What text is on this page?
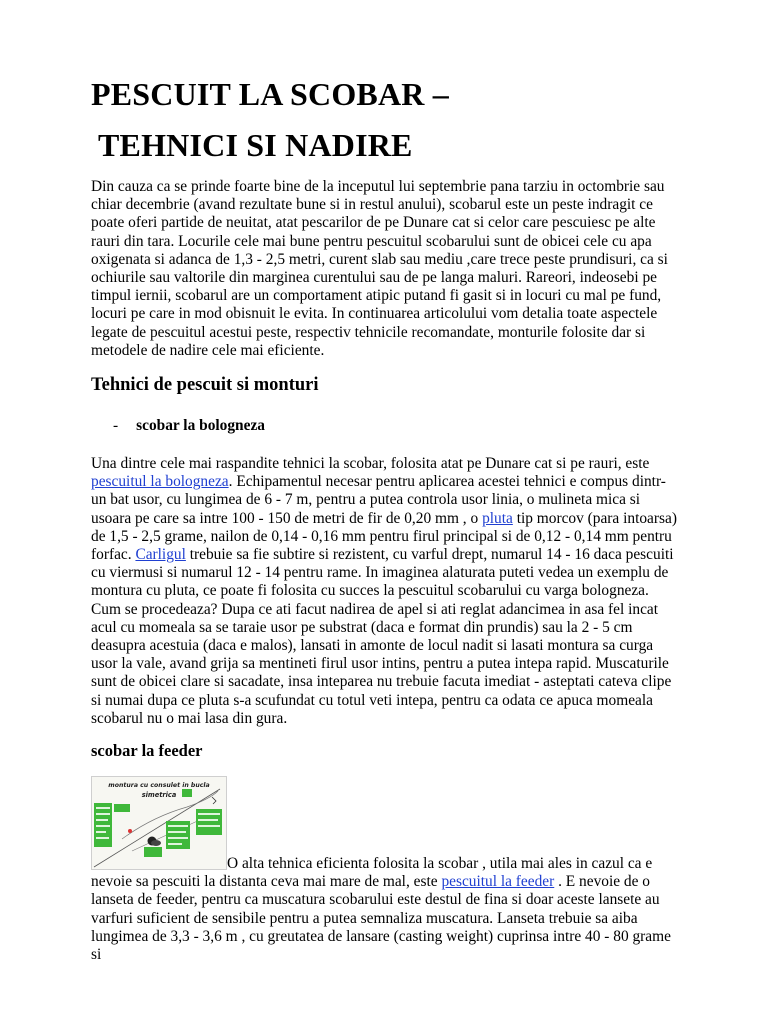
PESCUIT LA SCOBAR –
TEHNICI SI NADIRE

Din cauza ca se prinde foarte bine de la inceputul lui septembrie pana tarziu in octombrie sau chiar decembrie (avand rezultate bune si in restul anului), scobarul este un peste indragit ce poate oferi partide de neuitat, atat pescarilor de pe Dunare cat si celor care pescuiesc pe alte rauri din tara. Locurile cele mai bune pentru pescuitul scobarului sunt de obicei cele cu apa oxigenata si adanca de 1,3 - 2,5 metri, curent slab sau mediu ,care trece peste prundisuri, ca si ochiurile sau valtorile din marginea curentului sau de pe langa maluri. Rareori, indeosebi pe timpul iernii, scobarul are un comportament atipic putand fi gasit si in locuri cu mal pe fund, locuri pe care in mod obisnuit le evita. In continuarea articolului vom detalia toate aspectele legate de pescuitul acestui peste, respectiv tehnicile recomandate, monturile folosite dar si metodele de nadire cele mai eficiente.

Tehnici de pescuit si monturi
- scobar la bologneza

Una dintre cele mai raspandite tehnici la scobar, folosita atat pe Dunare cat si pe rauri, este pescuitul la bologneza. Echipamentul necesar pentru aplicarea acestei tehnici e compus dintr-un bat usor, cu lungimea de 6 - 7 m, pentru a putea controla usor linia, o mulineta mica si usoara pe care sa intre 100 - 150 de metri de fir de 0,20 mm , o pluta tip morcov (para intoarsa) de 1,5 - 2,5 grame, nailon de 0,14 - 0,16 mm pentru firul principal si de 0,12 - 0,14 mm pentru forfac. Carligul trebuie sa fie subtire si rezistent, cu varful drept, numarul 14 - 16 daca pescuiti cu viermusi si numarul 12 - 14 pentru rame. In imaginea alaturata puteti vedea un exemplu de montura cu pluta, ce poate fi folosita cu succes la pescuitul scobarului cu varga bologneza. Cum se procedeaza? Dupa ce ati facut nadirea de apel si ati reglat adancimea in asa fel incat acul cu momeala sa se taraie usor pe substrat (daca e format din prundis) sau la 2 - 5 cm deasupra acestuia (daca e malos), lansati in amonte de locul nadit si lasati montura sa curga usor la vale, avand grija sa mentineti firul usor intins, pentru a putea intepa rapid. Muscaturile sunt de obicei clare si sacadate, insa inteparea nu trebuie facuta imediat - asteptati cateva clipe si numai dupa ce pluta s-a scufundat cu totul veti intepa, pentru ca odata ce apuca momeala scobarul nu o mai lasa din gura.

scobar la feeder
montura cu consulet in bucla
simetrica

O alta tehnica eficienta folosita la scobar , utila mai ales in cazul ca e nevoie sa pescuiti la distanta ceva mai mare de mal, este pescuitul la feeder . E nevoie de o lanseta de feeder, pentru ca muscatura scobarului este destul de fina si doar aceste lansete au varfuri suficient de sensibile pentru a putea semnaliza muscatura. Lanseta trebuie sa aiba lungimea de 3,3 - 3,6 m , cu greutatea de lansare (casting weight) cuprinsa intre 40 - 80 grame si
